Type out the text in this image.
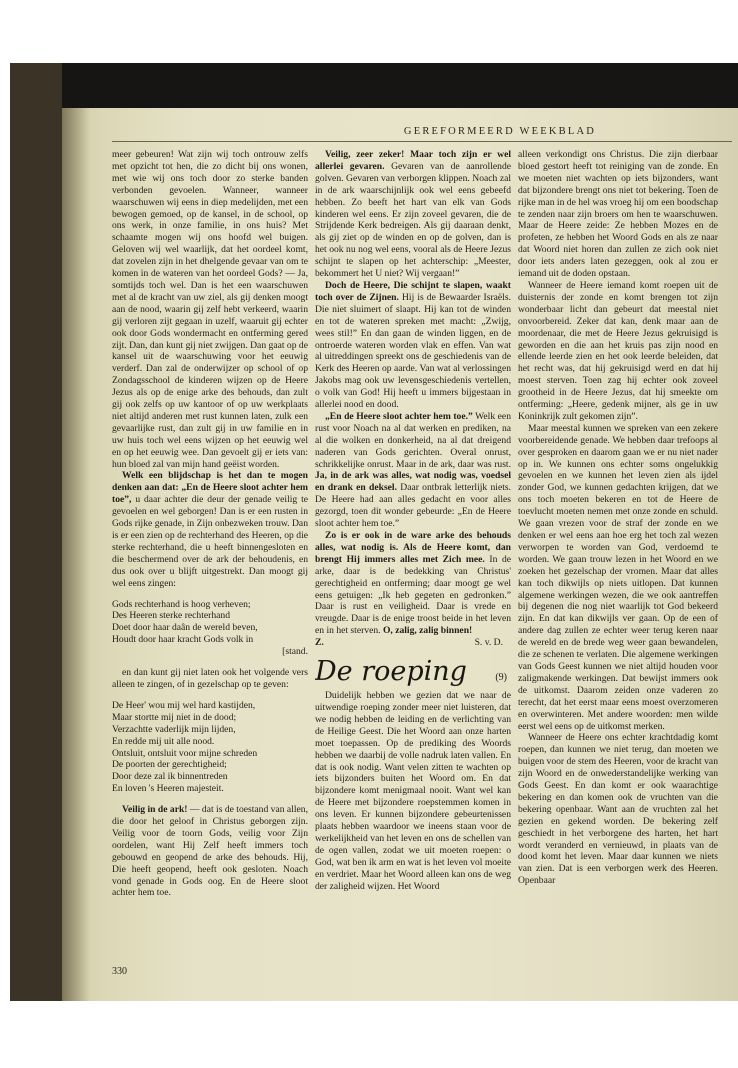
GEREFORMEERD WEEKBLAD

meer gebeuren! Wat zijn wij toch ontrouw zelfs met opzicht tot hen, die zo dicht bij ons wonen, met wie wij ons toch door zo sterke banden verbonden gevoelen. Wanneer, wanneer waarschuwen wij eens in diep medelijden, met een bewogen gemoed, op de kansel, in de school, op ons werk, in onze familie, in ons huis? Met schaamte mogen wij ons hoofd wel buigen. Geloven wij wel waarlijk, dat het oordeel komt, dat zovelen zijn in het dhelgende gevaar van om te komen in de wateren van het oordeel Gods? — Ja, somtijds toch wel. Dan is het een waarschuwen met al de kracht van uw ziel, als gij denken moogt aan de nood, waarin gij zelf hebt verkeerd, waarin gij verloren zijt gegaan in uzelf, waaruit gij echter ook door Gods wondermacht en ontferming gered zijt. Dan, dan kunt gij niet zwijgen. Dan gaat op de kansel uit de waarschuwing voor het eeuwig verderf. Dan zal de onderwijzer op school of op Zondagsschool de kinderen wijzen op de Heere Jezus als op de enige arke des behouds, dan zult gij ook zelfs op uw kantoor of op uw werkplaats niet altijd anderen met rust kunnen laten, zulk een gevaarlijke rust, dan zult gij in uw familie en in uw huis toch wel eens wijzen op het eeuwig wel en op het eeuwig wee. Dan gevoelt gij er iets van: hun bloed zal van mijn hand geëist worden.

Welk een blijdschap is het dan te mogen denken aan dat: „En de Heere sloot achter hem toe”, u daar achter die deur der genade veilig te gevoelen en wel geborgen! Dan is er een rusten in Gods rijke genade, in Zijn onbezweken trouw. Dan is er een zien op de rechterhand des Heeren, op die sterke rechterhand, die u heeft binnengesloten en die beschermend over de ark der behoudenis, en dus ook over u blijft uitgestrekt. Dan moogt gij wel eens zingen:

Gods rechterhand is hoog verheven;
Des Heeren sterke rechterhand
Doet door haar daân de wereld beven,
Houdt door haar kracht Gods volk in
[stand.

en dan kunt gij niet laten ook het volgende vers alleen te zingen, of in gezelschap op te geven:

De Heer' wou mij wel hard kastijden,
Maar stortte mij niet in de dood;
Verzachtte vaderlijk mijn lijden,
En redde mij uit alle nood.
Ontsluit, ontsluit voor mijne schreden
De poorten der gerechtigheid;
Door deze zal ik binnentreden
En loven 's Heeren majesteit.

Veilig in de ark! — dat is de toestand van allen, die door het geloof in Christus geborgen zijn. Veilig voor de toorn Gods, veilig voor Zijn oordelen, want Hij Zelf heeft immers toch gebouwd en geopend de arke des behouds. Hij, Die heeft geopend, heeft ook gesloten. Noach vond genade in Gods oog. En de Heere sloot achter hem toe.

Veilig, zeer zeker! Maar toch zijn er wel allerlei gevaren. Gevaren van de aanrollende golven. Gevaren van verborgen klippen. Noach zal in de ark waarschijnlijk ook wel eens gebeefd hebben. Zo beeft het hart van elk van Gods kinderen wel eens. Er zijn zoveel gevaren, die de Strijdende Kerk bedreigen. Als gij daaraan denkt, als gij ziet op de winden en op de golven, dan is het ook nu nog wel eens, vooral als de Heere Jezus schijnt te slapen op het achterschip: „Meester, bekommert het U niet? Wij vergaan!”

Doch de Heere, Die schijnt te slapen, waakt toch over de Zijnen. Hij is de Bewaarder Israëls. Die niet sluimert of slaapt. Hij kan tot de winden en tot de wateren spreken met macht: „Zwijg, wees stil!” En dan gaan de winden liggen, en de ontroerde wateren worden vlak en effen. Van wat al uitreddingen spreekt ons de geschiedenis van de Kerk des Heeren op aarde. Van wat al verlossingen Jakobs mag ook uw levensgeschiedenis vertellen, o volk van God! Hij heeft u immers bijgestaan in allerlei nood en dood.

„En de Heere sloot achter hem toe.” Welk een rust voor Noach na al dat werken en prediken, na al die wolken en donkerheid, na al dat dreigend naderen van Gods gerichten. Overal onrust, schrikkelijke onrust. Maar in de ark, daar was rust. Ja, in de ark was alles, wat nodig was, voedsel en drank en deksel. Daar ontbrak letterlijk niets. De Heere had aan alles gedacht en voor alles gezorgd, toen dit wonder gebeurde: „En de Heere sloot achter hem toe.”

Zo is er ook in de ware arke des behouds alles, wat nodig is. Als de Heere komt, dan brengt Hij immers alles met Zich mee. In de arke, daar is de bedekking van Christus' gerechtigheid en ontferming; daar moogt ge wel eens getuigen: „Ik heb gegeten en gedronken.” Daar is rust en veiligheid. Daar is vrede en vreugde. Daar is de enige troost beide in het leven en in het sterven. O, zalig, zalig binnen!

Z.	S. v. D.
De roeping	(9)

Duidelijk hebben we gezien dat we naar de uitwendige roeping zonder meer niet luisteren, dat we nodig hebben de leiding en de verlichting van de Heilige Geest. Die het Woord aan onze harten moet toepassen. Op de prediking des Woords hebben we daarbij de volle nadruk laten vallen. En dat is ook nodig. Want velen zitten te wachten op iets bijzonders buiten het Woord om. En dat bijzondere komt menigmaal nooit. Want wel kan de Heere met bijzondere roepstemmen komen in ons leven. Er kunnen bijzondere gebeurtenissen plaats hebben waardoor we ineens staan voor de werkelijkheid van het leven en ons de schellen van de ogen vallen, zodat we uit moeten roepen: o God, wat ben ik arm en wat is het leven vol moeite en verdriet. Maar het Woord alleen kan ons de weg der zaligheid wijzen. Het Woord

alleen verkondigt ons Christus. Die zijn dierbaar bloed gestort heeft tot reiniging van de zonde. En we moeten niet wachten op iets bijzonders, want dat bijzondere brengt ons niet tot bekering. Toen de rijke man in de hel was vroeg hij om een boodschap te zenden naar zijn broers om hen te waarschuwen. Maar de Heere zeide: Ze hebben Mozes en de profeten, ze hebben het Woord Gods en als ze naar dat Woord niet horen dan zullen ze zich ook niet door iets anders laten gezeggen, ook al zou er iemand uit de doden opstaan.

Wanneer de Heere iemand komt roepen uit de duisternis der zonde en komt brengen tot zijn wonderbaar licht dan gebeurt dat meestal niet onvoorbereid. Zeker dat kan, denk maar aan de moordenaar, die met de Heere Jezus gekruisigd is geworden en die aan het kruis pas zijn nood en ellende leerde zien en het ook leerde beleiden, dat het recht was, dat hij gekruisigd werd en dat hij moest sterven. Toen zag hij echter ook zoveel grootheid in de Heere Jezus, dat hij smeekte om ontferming: „Heere, gedenk mijner, als ge in uw Koninkrijk zult gekomen zijn”.

Maar meestal kunnen we spreken van een zekere voorbereidende genade. We hebben daar trefoops al over gesproken en daarom gaan we er nu niet nader op in. We kunnen ons echter soms ongelukkig gevoelen en we kunnen het leven zien als ijdel zonder God, we kunnen gedachten krijgen, dat we ons toch moeten bekeren en tot de Heere de toevlucht moeten nemen met onze zonde en schuld. We gaan vrezen voor de straf der zonde en we denken er wel eens aan hoe erg het toch zal wezen verworpen te worden van God, verdoemd te worden. We gaan trouw lezen in het Woord en we zoeken het gezelschap der vromen. Maar dat alles kan toch dikwijls op niets uitlopen. Dat kunnen algemene werkingen wezen, die we ook aantreffen bij degenen die nog niet waarlijk tot God bekeerd zijn. En dat kan dikwijls ver gaan. Op de een of andere dag zullen ze echter weer terug keren naar de wereld en de brede weg weer gaan bewandelen, die ze schenen te verlaten. Die algemene werkingen van Gods Geest kunnen we niet altijd houden voor zaligmakende werkingen. Dat bewijst immers ook de uitkomst. Daarom zeiden onze vaderen zo terecht, dat het eerst maar eens moest overzomeren en overwinteren. Met andere woorden: men wilde eerst wel eens op de uitkomst merken.

Wanneer de Heere ons echter krachtdadig komt roepen, dan kunnen we niet terug, dan moeten we buigen voor de stem des Heeren, voor de kracht van zijn Woord en de onwederstandelijke werking van Gods Geest. En dan komt er ook waarachtige bekering en dan komen ook de vruchten van die bekering openbaar. Want aan de vruchten zal het gezien en gekend worden. De bekering zelf geschiedt in het verborgene des harten, het hart wordt veranderd en vernieuwd, in plaats van de dood komt het leven. Maar daar kunnen we niets van zien. Dat is een verborgen werk des Heeren. Openbaar

330
